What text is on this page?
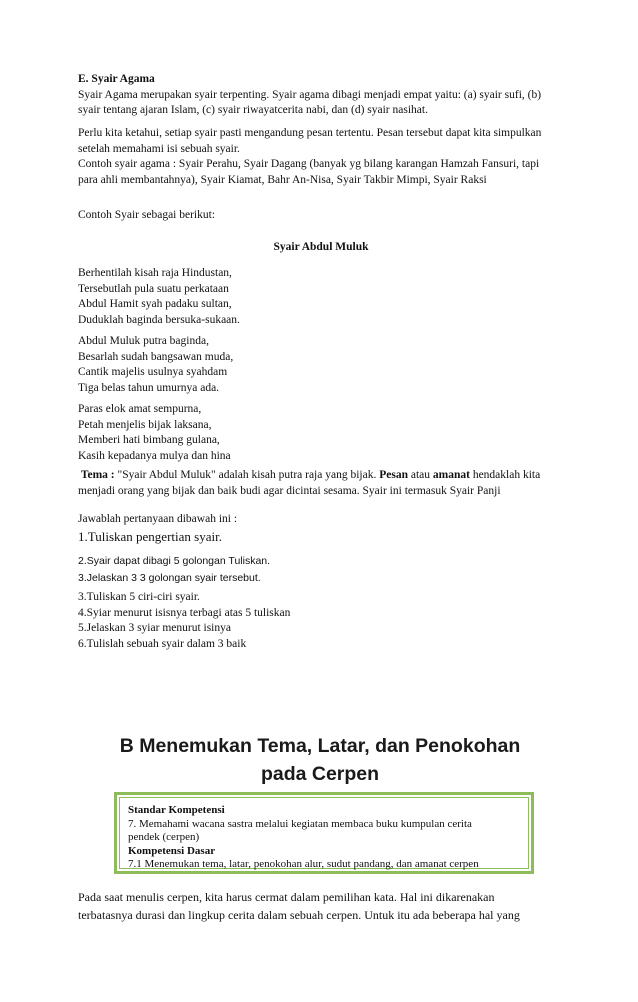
E. Syair Agama

Syair Agama merupakan syair terpenting. Syair agama dibagi menjadi empat yaitu: (a) syair sufi, (b)

syair tentang ajaran Islam, (c) syair riwayatcerita nabi, dan (d) syair nasihat.

Perlu kita ketahui, setiap syair pasti mengandung pesan tertentu. Pesan tersebut dapat kita simpulkan

setelah memahami isi sebuah syair.

Contoh syair agama : Syair Perahu, Syair Dagang (banyak yg bilang karangan Hamzah Fansuri, tapi

para ahli membantahnya), Syair Kiamat, Bahr An-Nisa, Syair Takbir Mimpi, Syair Raksi

Contoh Syair sebagai berikut:

Syair Abdul Muluk

Berhentilah kisah raja Hindustan,

Tersebutlah pula suatu perkataan

Abdul Hamit syah padaku sultan,

Duduklah baginda bersuka-sukaan.

Abdul Muluk putra baginda,

Besarlah sudah bangsawan muda,

Cantik majelis usulnya syahdam

Tiga belas tahun umurnya ada.

Paras elok amat sempurna,

Petah menjelis bijak laksana,

Memberi hati bimbang gulana,

Kasih kepadanya mulya dan hina

Tema : "Syair Abdul Muluk" adalah kisah putra raja yang bijak. Pesan atau amanat hendaklah kita

menjadi orang yang bijak dan baik budi agar dicintai sesama. Syair ini termasuk Syair Panji

Jawablah pertanyaan dibawah ini :

1.Tuliskan pengertian syair.

2.Syair dapat dibagi 5 golongan Tuliskan.

3.Jelaskan 3 3 golongan syair tersebut.

3.Tuliskan 5 ciri-ciri syair.

4.Syiar menurut isisnya terbagi atas 5 tuliskan

5.Jelaskan 3 syiar menurut isinya

6.Tulislah sebuah syair dalam 3 baik

B Menemukan Tema, Latar, dan Penokohan
pada Cerpen

Standar Kompetensi

7. Memahami wacana sastra melalui kegiatan membaca buku kumpulan cerita

pendek (cerpen)

Kompetensi Dasar

7.1 Menemukan tema, latar, penokohan alur, sudut pandang, dan amanat cerpen

Pada saat menulis cerpen, kita harus cermat dalam pemilihan kata. Hal ini dikarenakan

terbatasnya durasi dan lingkup cerita dalam sebuah cerpen. Untuk itu ada beberapa hal yang
